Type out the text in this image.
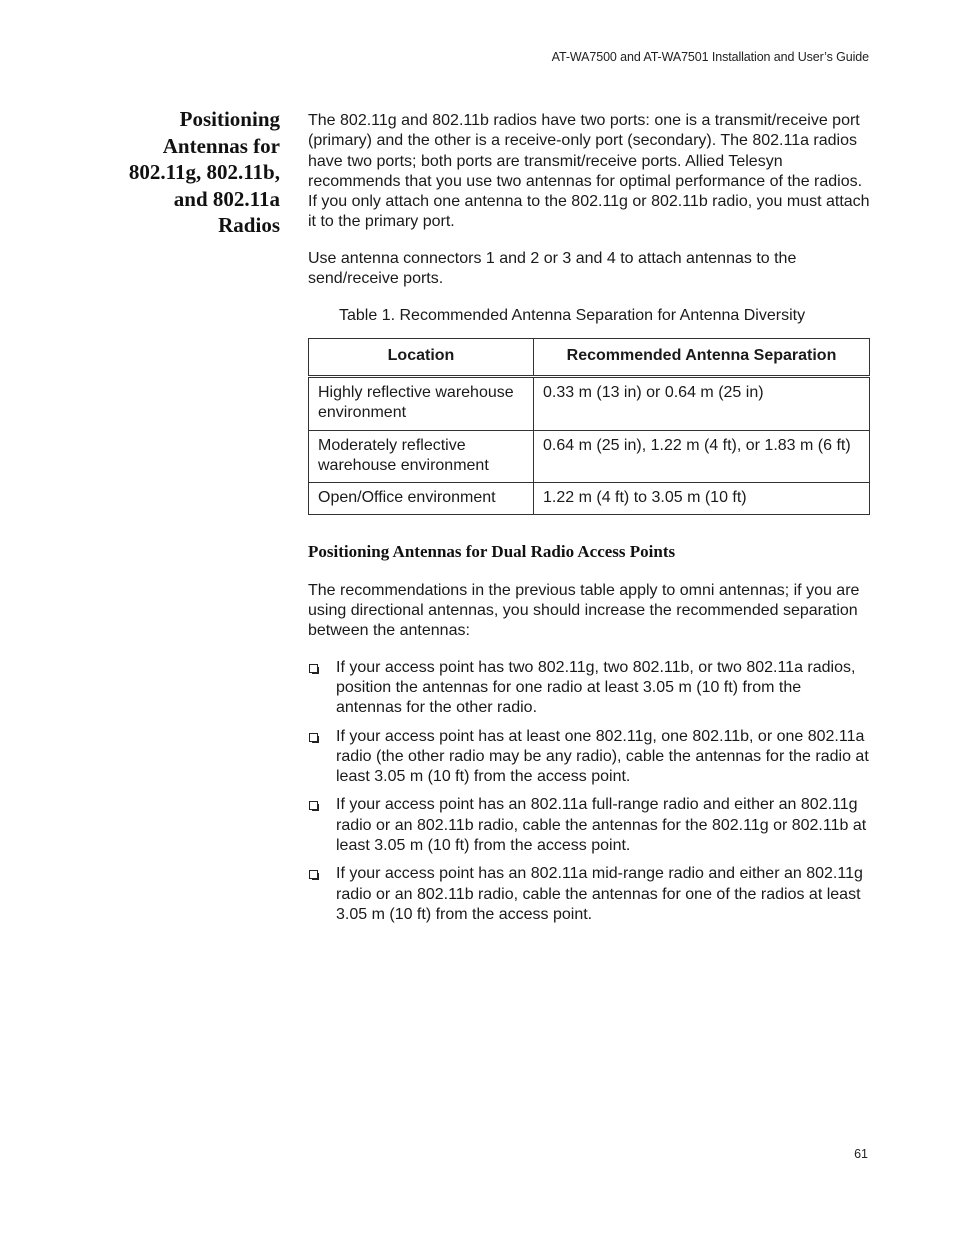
AT-WA7500 and AT-WA7501 Installation and User’s Guide
Positioning
Antennas for
802.11g, 802.11b,
and 802.11a
Radios

The 802.11g and 802.11b radios have two ports: one is a transmit/receive port (primary) and the other is a receive-only port (secondary). The 802.11a radios have two ports; both ports are transmit/receive ports. Allied Telesyn recommends that you use two antennas for optimal performance of the radios. If you only attach one antenna to the 802.11g or 802.11b radio, you must attach it to the primary port.

Use antenna connectors 1 and 2 or 3 and 4 to attach antennas to the send/receive ports.

Table 1. Recommended Antenna Separation for Antenna Diversity

Location	Recommended Antenna Separation
Highly reflective warehouse environment	0.33 m (13 in) or 0.64 m (25 in)
Moderately reflective warehouse environment	0.64 m (25 in), 1.22 m (4 ft), or 1.83 m (6 ft)
Open/Office environment	1.22 m (4 ft) to 3.05 m (10 ft)

Positioning Antennas for Dual Radio Access Points

The recommendations in the previous table apply to omni antennas; if you are using directional antennas, you should increase the recommended separation between the antennas:

If your access point has two 802.11g, two 802.11b, or two 802.11a radios, position the antennas for one radio at least 3.05 m (10 ft) from the antennas for the other radio.
If your access point has at least one 802.11g, one 802.11b, or one 802.11a radio (the other radio may be any radio), cable the antennas for the radio at least 3.05 m (10 ft) from the access point.
If your access point has an 802.11a full-range radio and either an 802.11g radio or an 802.11b radio, cable the antennas for the 802.11g or 802.11b at least 3.05 m (10 ft) from the access point.
If your access point has an 802.11a mid-range radio and either an 802.11g radio or an 802.11b radio, cable the antennas for one of the radios at least 3.05 m (10 ft) from the access point.
61
